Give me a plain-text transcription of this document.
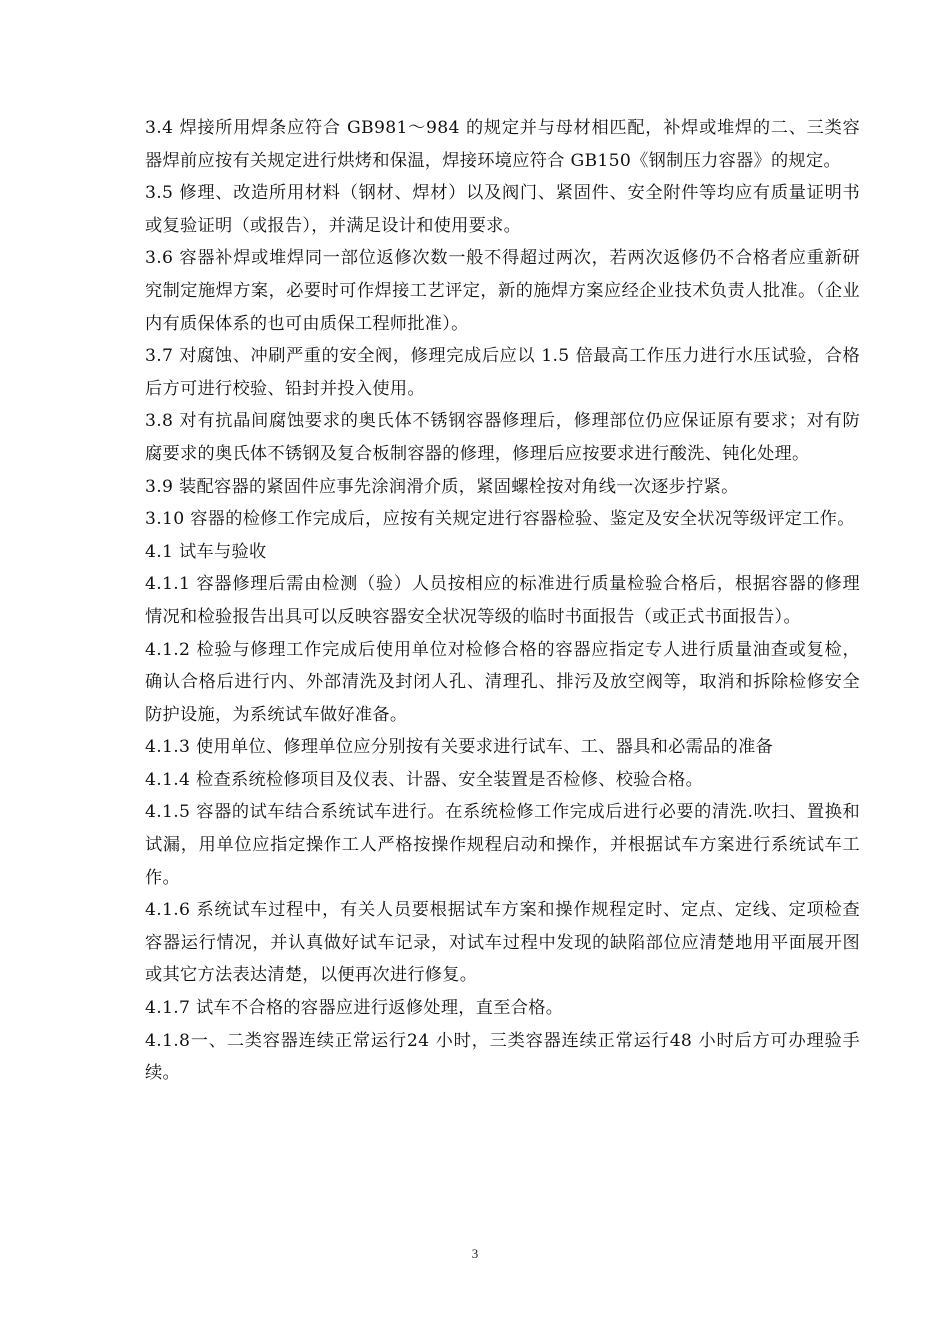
3.4 焊接所用焊条应符合 GB981～984 的规定并与母材相匹配，补焊或堆焊的二、三类容器焊前应按有关规定进行烘烤和保温，焊接环境应符合 GB150《钢制压力容器》的规定。

3.5 修理、改造所用材料（钢材、焊材）以及阀门、紧固件、安全附件等均应有质量证明书或复验证明（或报告），并满足设计和使用要求。

3.6 容器补焊或堆焊同一部位返修次数一般不得超过两次，若两次返修仍不合格者应重新研究制定施焊方案，必要时可作焊接工艺评定，新的施焊方案应经企业技术负责人批准。（企业内有质保体系的也可由质保工程师批准）。

3.7 对腐蚀、冲刷严重的安全阀，修理完成后应以 1.5 倍最高工作压力进行水压试验，合格后方可进行校验、铅封并投入使用。

3.8 对有抗晶间腐蚀要求的奥氏体不锈钢容器修理后，修理部位仍应保证原有要求；对有防腐要求的奥氏体不锈钢及复合板制容器的修理，修理后应按要求进行酸洗、钝化处理。

3.9 装配容器的紧固件应事先涂润滑介质，紧固螺栓按对角线一次逐步拧紧。

3.10 容器的检修工作完成后，应按有关规定进行容器检验、鉴定及安全状况等级评定工作。

4.1 试车与验收

4.1.1 容器修理后需由检测（验）人员按相应的标准进行质量检验合格后，根据容器的修理情况和检验报告出具可以反映容器安全状况等级的临时书面报告（或正式书面报告）。

4.1.2 检验与修理工作完成后使用单位对检修合格的容器应指定专人进行质量油查或复检，确认合格后进行内、外部清洗及封闭人孔、清理孔、排污及放空阀等，取消和拆除检修安全防护设施，为系统试车做好准备。

4.1.3 使用单位、修理单位应分别按有关要求进行试车、工、器具和必需品的准备

4.1.4 检查系统检修项目及仪表、计器、安全装置是否检修、校验合格。

4.1.5 容器的试车结合系统试车进行。在系统检修工作完成后进行必要的清洗.吹扫、置换和试漏，用单位应指定操作工人严格按操作规程启动和操作，并根据试车方案进行系统试车工作。

4.1.6 系统试车过程中，有关人员要根据试车方案和操作规程定时、定点、定线、定项检查容器运行情况，并认真做好试车记录，对试车过程中发现的缺陷部位应清楚地用平面展开图或其它方法表达清楚，以便再次进行修复。

4.1.7 试车不合格的容器应进行返修处理，直至合格。

4.1.8一、二类容器连续正常运行24 小时，三类容器连续正常运行48 小时后方可办理验手续。

3
